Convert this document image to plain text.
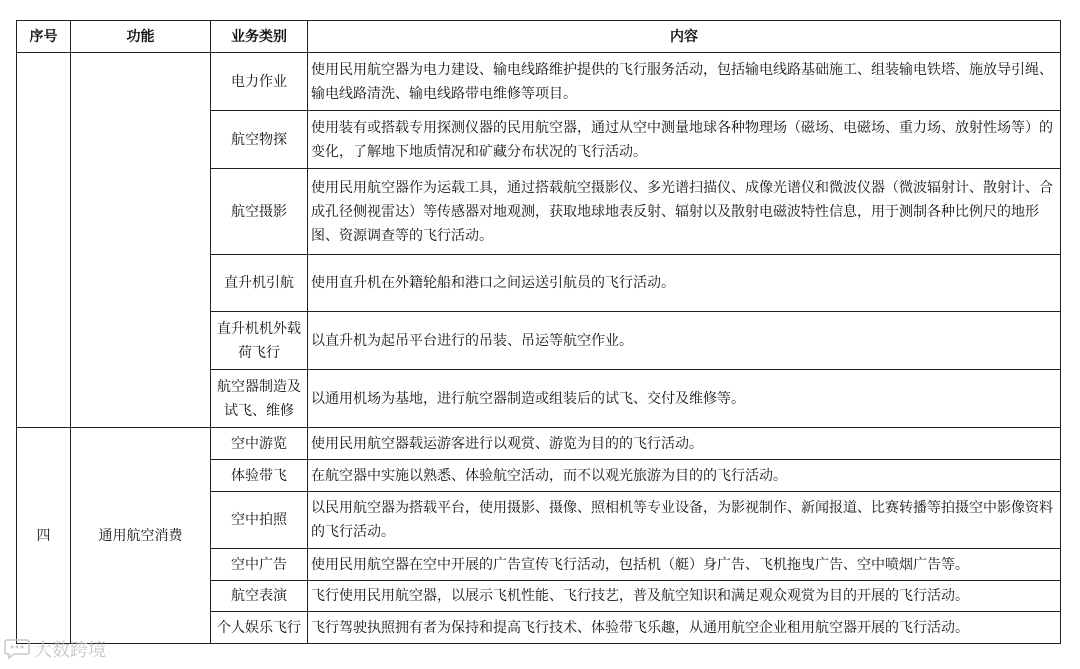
序号	功能	业务类别	内容
		电力作业	使用民用航空器为电力建设、输电线路维护提供的飞行服务活动，包括输电线路基础施工、组装输电铁塔、施放导引绳、输电线路清洗、输电线路带电维修等项目。
		航空物探	使用装有或搭载专用探测仪器的民用航空器，通过从空中测量地球各种物理场（磁场、电磁场、重力场、放射性场等）的变化，了解地下地质情况和矿藏分布状况的飞行活动。
		航空摄影	使用民用航空器作为运载工具，通过搭载航空摄影仪、多光谱扫描仪、成像光谱仪和微波仪器（微波辐射计、散射计、合成孔径侧视雷达）等传感器对地观测，获取地球地表反射、辐射以及散射电磁波特性信息，用于测制各种比例尺的地形图、资源调查等的飞行活动。
		直升机引航	使用直升机在外籍轮船和港口之间运送引航员的飞行活动。
		直升机机外载荷飞行	以直升机为起吊平台进行的吊装、吊运等航空作业。
		航空器制造及试飞、维修	以通用机场为基地，进行航空器制造或组装后的试飞、交付及维修等。
四	通用航空消费	空中游览	使用民用航空器载运游客进行以观赏、游览为目的的飞行活动。
		体验带飞	在航空器中实施以熟悉、体验航空活动，而不以观光旅游为目的的飞行活动。
		空中拍照	以民用航空器为搭载平台，使用摄影、摄像、照相机等专业设备，为影视制作、新闻报道、比赛转播等拍摄空中影像资料的飞行活动。
		空中广告	使用民用航空器在空中开展的广告宣传飞行活动，包括机（艇）身广告、飞机拖曳广告、空中喷烟广告等。
		航空表演	飞行使用民用航空器，以展示飞机性能、飞行技艺，普及航空知识和满足观众观赏为目的开展的飞行活动。
		个人娱乐飞行	飞行驾驶执照拥有者为保持和提高飞行技术、体验带飞乐趣，从通用航空企业租用航空器开展的飞行活动。
大数跨境
